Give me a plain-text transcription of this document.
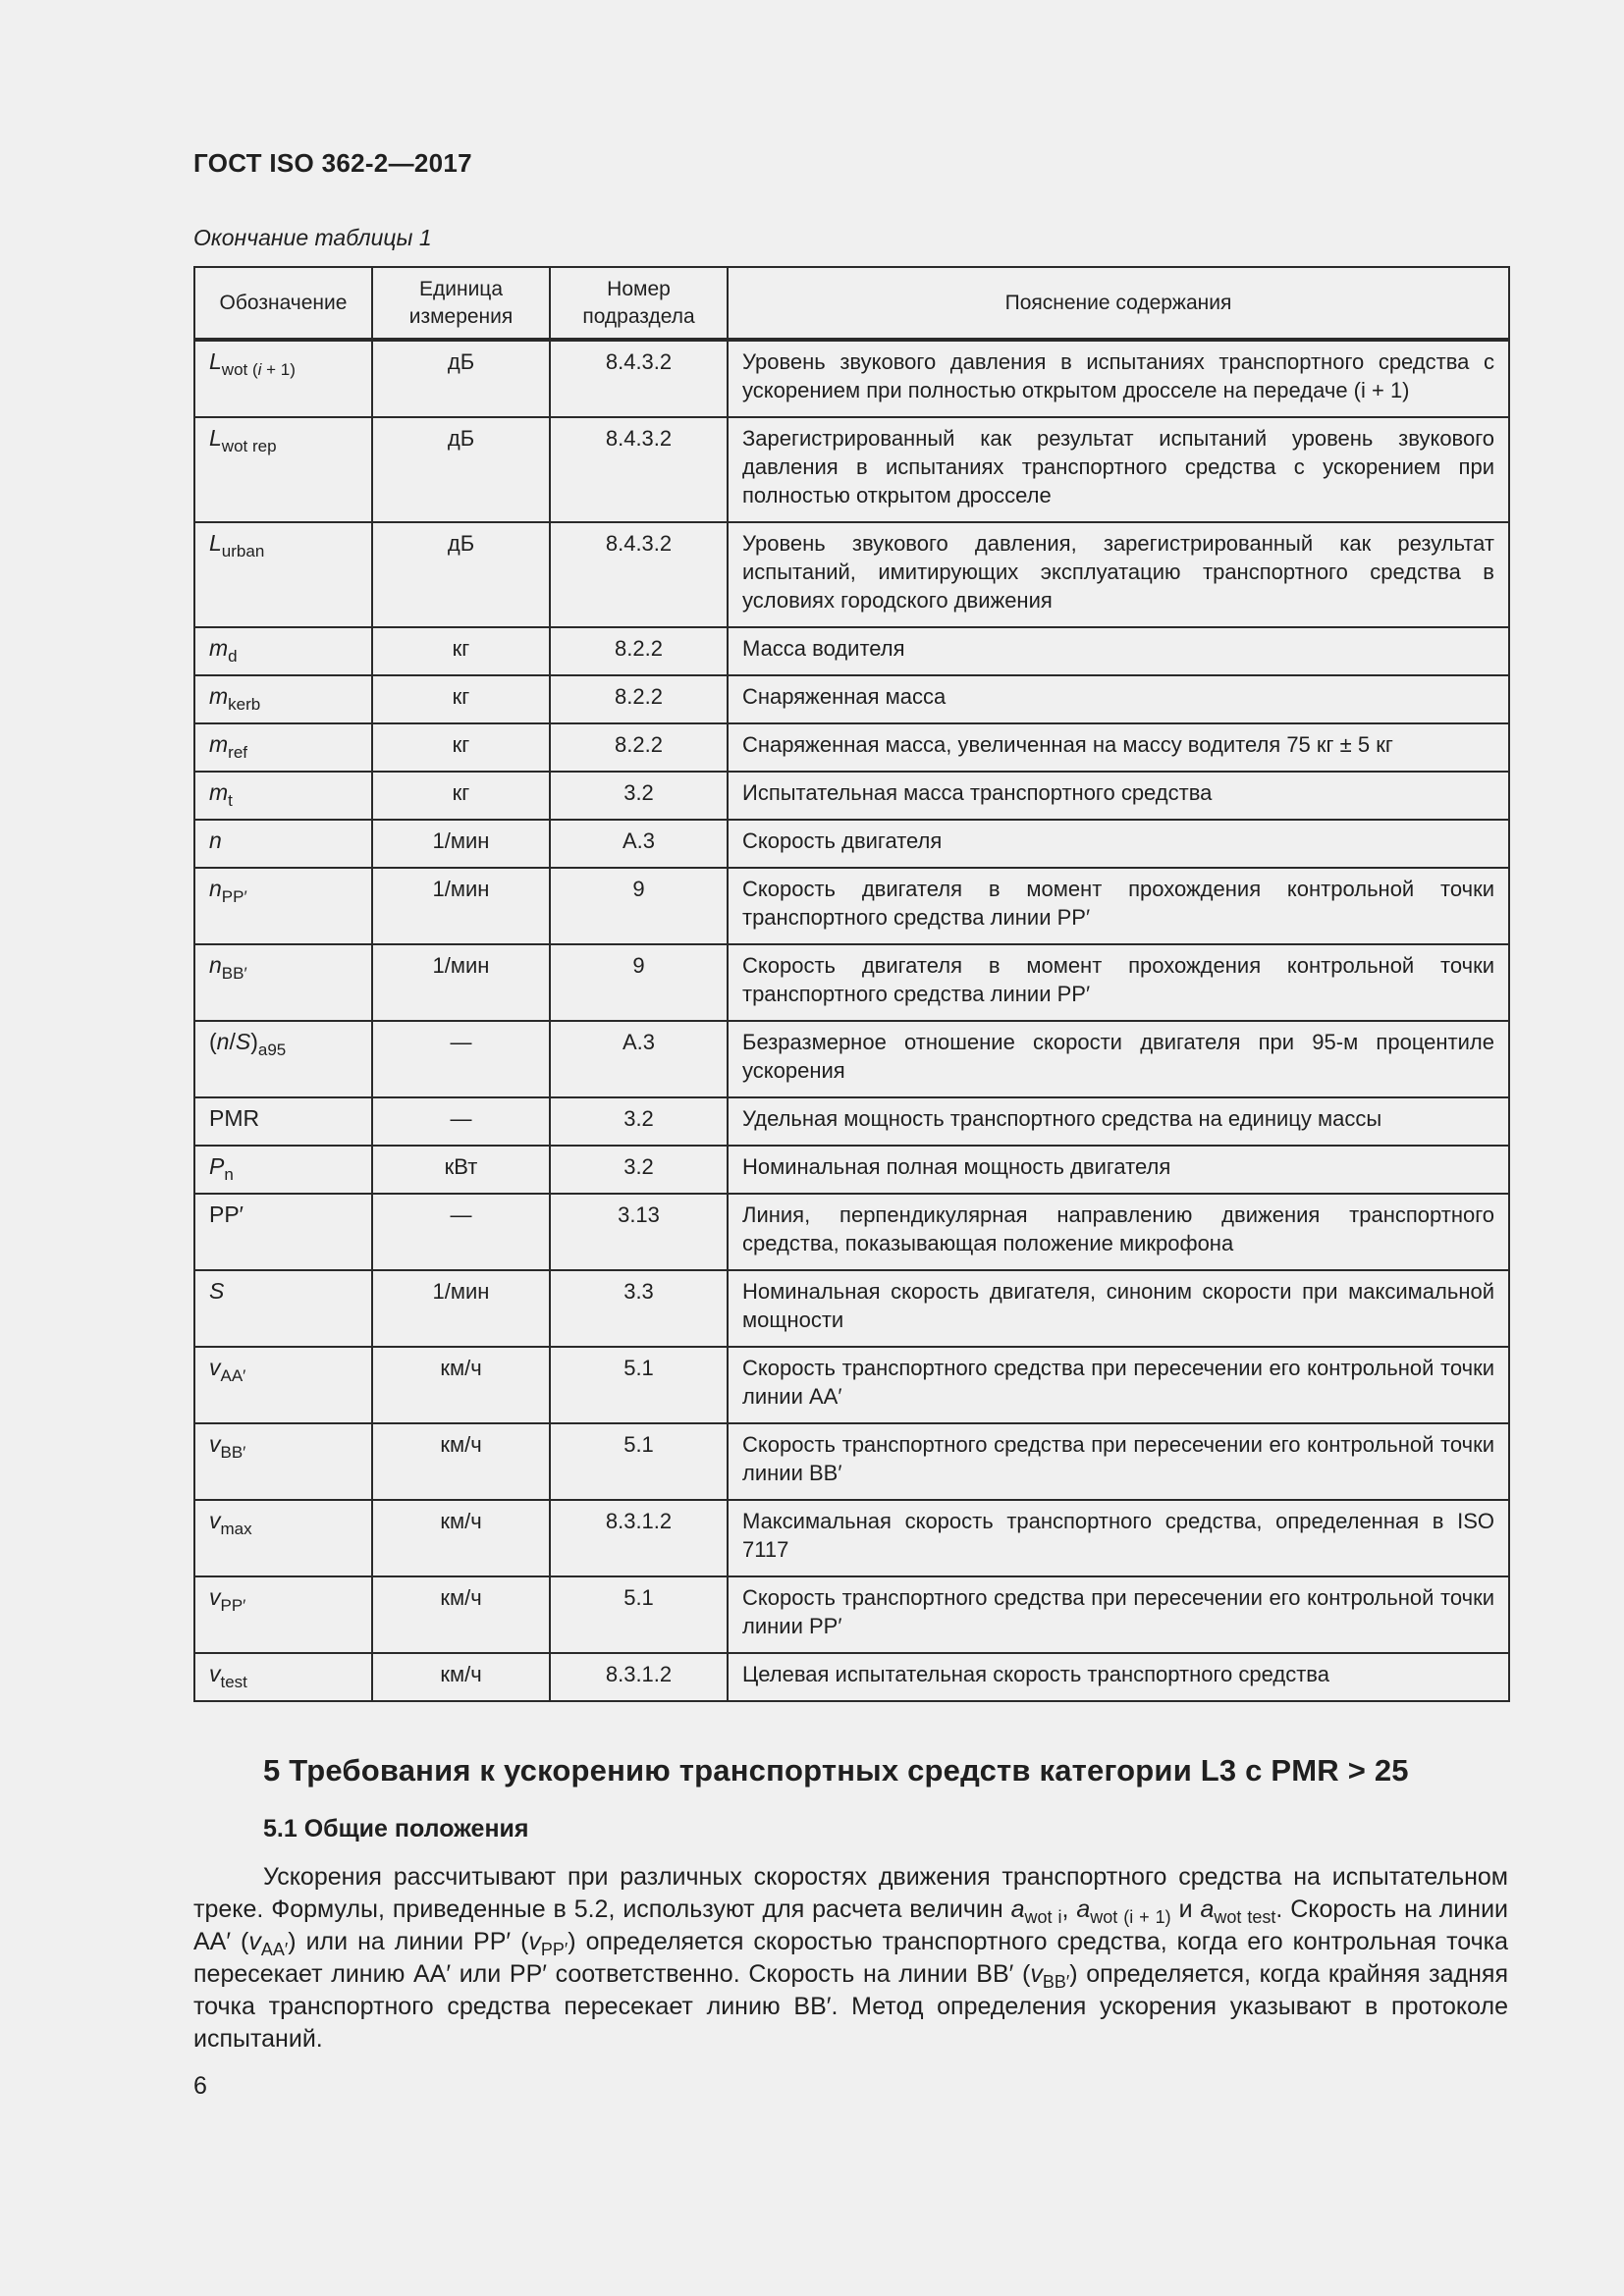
ГОСТ ISO 362-2—2017
Окончание таблицы 1
Обозначение	Единица измерения	Номер подраздела	Пояснение содержания
$L_{wot (i + 1)}$	дБ	8.4.3.2	Уровень звукового давления в испытаниях транспортного средства с ускорением при полностью открытом дросселе на передаче (i + 1)
$L_{wot rep}$	дБ	8.4.3.2	Зарегистрированный как результат испытаний уровень звукового давления в испытаниях транспортного средства с ускорением при полностью открытом дросселе
$L_{urban}$	дБ	8.4.3.2	Уровень звукового давления, зарегистрированный как результат испытаний, имитирующих эксплуатацию транспортного средства в условиях городского движения
$m_d$	кг	8.2.2	Масса водителя
$m_{kerb}$	кг	8.2.2	Снаряженная масса
$m_{ref}$	кг	8.2.2	Снаряженная масса, увеличенная на массу водителя 75 кг ± 5 кг
$m_t$	кг	3.2	Испытательная масса транспортного средства
n	1/мин	A.3	Скорость двигателя
$n_{PP'}$	1/мин	9	Скорость двигателя в момент прохождения контрольной точки транспортного средства линии PP′
$n_{BB'}$	1/мин	9	Скорость двигателя в момент прохождения контрольной точки транспортного средства линии PP′
$(n/S)_{a95}$	—	A.3	Безразмерное отношение скорости двигателя при 95-м процентиле ускорения
PMR	—	3.2	Удельная мощность транспортного средства на единицу массы
$P_n$	кВт	3.2	Номинальная полная мощность двигателя
PP′	—	3.13	Линия, перпендикулярная направлению движения транспортного средства, показывающая положение микрофона
S	1/мин	3.3	Номинальная скорость двигателя, синоним скорости при максимальной мощности
$v_{AA'}$	км/ч	5.1	Скорость транспортного средства при пересечении его контрольной точки линии AA′
$v_{BB'}$	км/ч	5.1	Скорость транспортного средства при пересечении его контрольной точки линии BB′
$v_{max}$	км/ч	8.3.1.2	Максимальная скорость транспортного средства, определенная в ISO 7117
$v_{PP'}$	км/ч	5.1	Скорость транспортного средства при пересечении его контрольной точки линии PP′
$v_{test}$	км/ч	8.3.1.2	Целевая испытательная скорость транспортного средства
5 Требования к ускорению транспортных средств категории L3 с PMR > 25
5.1 Общие положения

Ускорения рассчитывают при различных скоростях движения транспортного средства на испытательном треке. Формулы, приведенные в 5.2, используют для расчета величин $a_{wot i}$, $a_{wot (i + 1)}$ и $a_{wot test}$. Скорость на линии AA′ $(v_{AA'})$ или на линии PP′ $(v_{PP'})$ определяется скоростью транспортного средства, когда его контрольная точка пересекает линию AA′ или PP′ соответственно. Скорость на линии BB′ $(v_{BB'})$ определяется, когда крайняя задняя точка транспортного средства пересекает линию BB′. Метод определения ускорения указывают в протоколе испытаний.

6
